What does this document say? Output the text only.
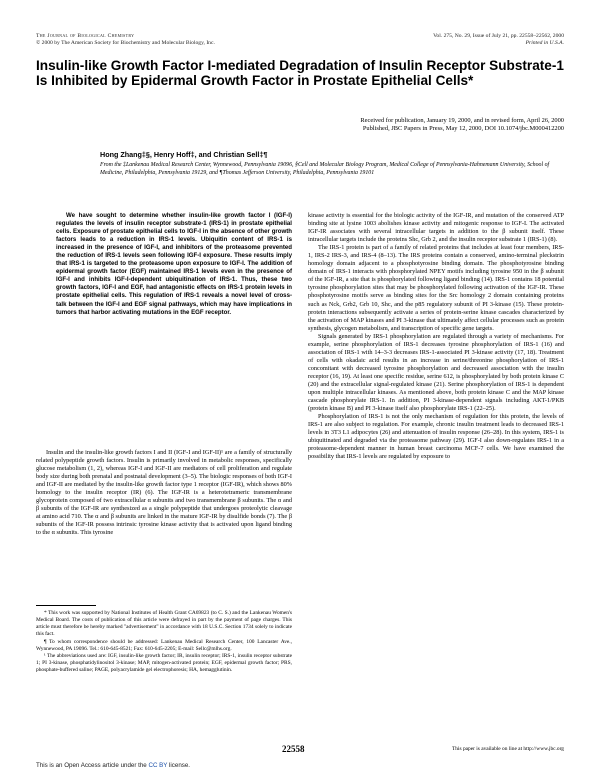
The Journal of Biological Chemistry
© 2000 by The American Society for Biochemistry and Molecular Biology, Inc.
Vol. 275, No. 29, Issue of July 21, pp. 22558–22562, 2000
Printed in U.S.A.
Insulin-like Growth Factor I-mediated Degradation of Insulin Receptor Substrate-1 Is Inhibited by Epidermal Growth Factor in Prostate Epithelial Cells*
Received for publication, January 19, 2000, and in revised form, April 26, 2000
Published, JBC Papers in Press, May 12, 2000, DOI 10.1074/jbc.M000412200
Hong Zhang‡§, Henry Hoff‡, and Christian Sell‡¶
From the ‡Lankenau Medical Research Center, Wynnewood, Pennsylvania 19096, §Cell and Molecular Biology Program, Medical College of Pennsylvania-Hahnemann University, School of Medicine, Philadelphia, Pennsylvania 19129, and ¶Thomas Jefferson University, Philadelphia, Pennsylvania 19101
We have sought to determine whether insulin-like growth factor I (IGF-I) regulates the levels of insulin receptor substrate-1 (IRS-1) in prostate epithelial cells. Exposure of prostate epithelial cells to IGF-I in the absence of other growth factors leads to a reduction in IRS-1 levels. Ubiquitin content of IRS-1 is increased in the presence of IGF-I, and inhibitors of the proteasome prevented the reduction of IRS-1 levels seen following IGF-I exposure. These results imply that IRS-1 is targeted to the proteasome upon exposure to IGF-I. The addition of epidermal growth factor (EGF) maintained IRS-1 levels even in the presence of IGF-I and inhibits IGF-I-dependent ubiquitination of IRS-1. Thus, these two growth factors, IGF-I and EGF, had antagonistic effects on IRS-1 protein levels in prostate epithelial cells. This regulation of IRS-1 reveals a novel level of cross-talk between the IGF-I and EGF signal pathways, which may have implications in tumors that harbor activating mutations in the EGF receptor.

Insulin and the insulin-like growth factors I and II (IGF-I and IGF-II)¹ are a family of structurally related polypeptide growth factors. Insulin is primarily involved in metabolic responses, specifically glucose metabolism (1, 2), whereas IGF-I and IGF-II are mediators of cell proliferation and regulate body size during both prenatal and postnatal development (3–5). The biologic responses of both IGF-I and IGF-II are mediated by the insulin-like growth factor type 1 receptor (IGF-IR), which shows 80% homology to the insulin receptor (IR) (6). The IGF-IR is a heterotetrameric transmembrane glycoprotein composed of two extracellular α subunits and two transmembrane β subunits. The α and β subunits of the IGF-IR are synthesized as a single polypeptide that undergoes proteolytic cleavage at amino acid 710. The α and β subunits are linked in the mature IGF-IR by disulfide bonds (7). The β subunits of the IGF-IR possess intrinsic tyrosine kinase activity that is activated upon ligand binding to the α subunits. This tyrosine

* This work was supported by National Institutes of Health Grant CA69823 (to C. S.) and the Lankenau Women's Medical Board. The costs of publication of this article were defrayed in part by the payment of page charges. This article must therefore be hereby marked "advertisement" in accordance with 18 U.S.C. Section 1734 solely to indicate this fact.

¶ To whom correspondence should be addressed: Lankenau Medical Research Center, 100 Lancaster Ave., Wynnewood, PA 19096. Tel.: 610-645-8521; Fax: 610-645-2205; E-mail: Sellc@mlhs.org.

¹ The abbreviations used are: IGF, insulin-like growth factor; IR, insulin receptor; IRS-1, insulin receptor substrate 1; PI 3-kinase, phosphatidylinositol 3-kinase; MAP, mitogen-activated protein; EGF, epidermal growth factor; PRS, phosphate-buffered saline; PAGE, polyacrylamide gel electrophoresis; HA, hemagglutinin.

kinase activity is essential for the biologic activity of the IGF-IR, and mutation of the conserved ATP binding site at lysine 1003 abolishes kinase activity and mitogenic response to IGF-I. The activated IGF-IR associates with several intracellular targets in addition to the β subunit itself. These intracellular targets include the proteins Shc, Grb 2, and the insulin receptor substrate 1 (IRS-1) (8).

The IRS-1 protein is part of a family of related proteins that includes at least four members, IRS-1, IRS-2 IRS-3, and IRS-4 (8–13). The IRS proteins contain a conserved, amino-terminal pleckstrin homology domain adjacent to a phosphotyrosine binding domain. The phosphotyrosine binding domain of IRS-1 interacts with phosphorylated NPEY motifs including tyrosine 950 in the β subunit of the IGF-IR, a site that is phosphorylated following ligand binding (14). IRS-1 contains 18 potential tyrosine phosphorylation sites that may be phosphorylated following activation of the IGF-IR. These phosphotyrosine motifs serve as binding sites for the Src homology 2 domain containing proteins such as Nck, Grb2, Grb 10, Shc, and the p85 regulatory subunit of PI 3-kinase (15). These protein-protein interactions subsequently activate a series of protein-serine kinase cascades characterized by the activation of MAP kinases and PI 3-kinase that ultimately affect cellular processes such as protein synthesis, glycogen metabolism, and transcription of specific gene targets.

Signals generated by IRS-1 phosphorylation are regulated through a variety of mechanisms. For example, serine phosphorylation of IRS-1 decreases tyrosine phosphorylation of IRS-1 (16) and association of IRS-1 with 14–3-3 decreases IRS-1-associated PI 3-kinase activity (17, 18). Treatment of cells with okadaic acid results in an increase in serine/threonine phosphorylation of IRS-1 concomitant with decreased tyrosine phosphorylation and decreased association with the insulin receptor (16, 19). At least one specific residue, serine 612, is phosphorylated by both protein kinase C (20) and the extracellular signal-regulated kinase (21). Serine phosphorylation of IRS-1 is dependent upon multiple intracellular kinases. As mentioned above, both protein kinase C and the MAP kinase cascade phosphorylate IRS-1. In addition, PI 3-kinase-dependent signals including AKT-1/PKB (protein kinase B) and PI 3-kinase itself also phosphorylate IRS-1 (22–25).

Phosphorylation of IRS-1 is not the only mechanism of regulation for this protein, the levels of IRS-1 are also subject to regulation. For example, chronic insulin treatment leads to decreased IRS-1 levels in 3T3 L1 adipocytes (26) and attenuation of insulin response (26–28). In this system, IRS-1 is ubiquitinated and degraded via the proteasome pathway (29). IGF-I also down-regulates IRS-1 in a proteasome-dependent manner in human breast carcinoma MCF-7 cells. We have examined the possibility that IRS-1 levels are regulated by exposure to

22558	This paper is available on line at http://www.jbc.org
This is an Open Access article under the CC BY license.
